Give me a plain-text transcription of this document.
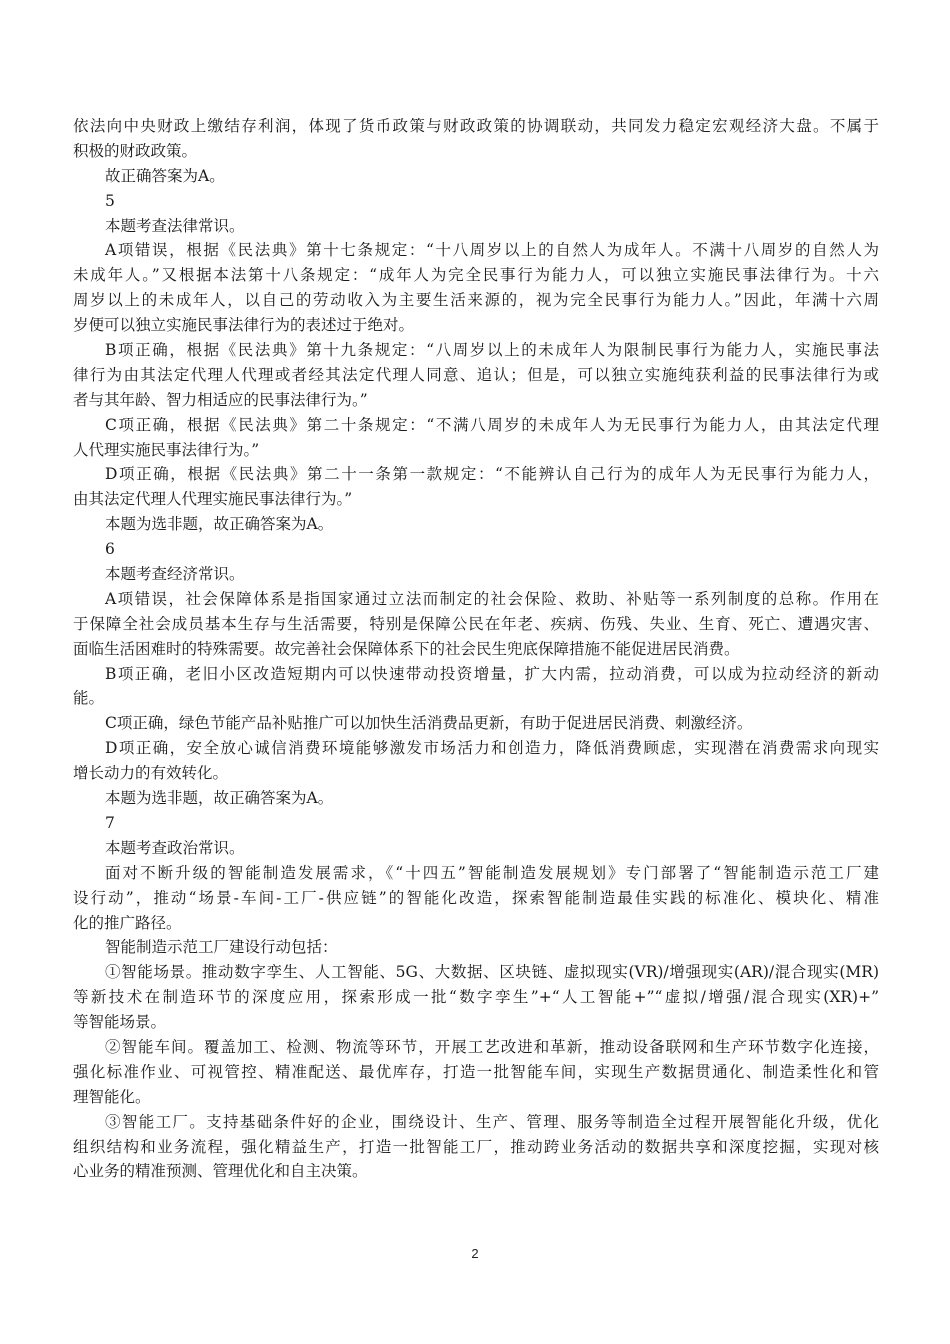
依法向中央财政上缴结存利润，体现了货币政策与财政政策的协调联动，共同发力稳定宏观经济大盘。不属于
积极的财政政策。
故正确答案为A。
5
本题考查法律常识。
A项错误，根据《民法典》第十七条规定：“十八周岁以上的自然人为成年人。不满十八周岁的自然人为
未成年人。”又根据本法第十八条规定：“成年人为完全民事行为能力人，可以独立实施民事法律行为。十六
周岁以上的未成年人，以自己的劳动收入为主要生活来源的，视为完全民事行为能力人。”因此，年满十六周
岁便可以独立实施民事法律行为的表述过于绝对。
B项正确，根据《民法典》第十九条规定：“八周岁以上的未成年人为限制民事行为能力人，实施民事法
律行为由其法定代理人代理或者经其法定代理人同意、追认；但是，可以独立实施纯获利益的民事法律行为或
者与其年龄、智力相适应的民事法律行为。”
C项正确，根据《民法典》第二十条规定：“不满八周岁的未成年人为无民事行为能力人，由其法定代理
人代理实施民事法律行为。”
D项正确，根据《民法典》第二十一条第一款规定：“不能辨认自己行为的成年人为无民事行为能力人，
由其法定代理人代理实施民事法律行为。”
本题为选非题，故正确答案为A。
6
本题考查经济常识。
A项错误，社会保障体系是指国家通过立法而制定的社会保险、救助、补贴等一系列制度的总称。作用在
于保障全社会成员基本生存与生活需要，特别是保障公民在年老、疾病、伤残、失业、生育、死亡、遭遇灾害、
面临生活困难时的特殊需要。故完善社会保障体系下的社会民生兜底保障措施不能促进居民消费。
B项正确，老旧小区改造短期内可以快速带动投资增量，扩大内需，拉动消费，可以成为拉动经济的新动
能。
C项正确，绿色节能产品补贴推广可以加快生活消费品更新，有助于促进居民消费、刺激经济。
D项正确，安全放心诚信消费环境能够激发市场活力和创造力，降低消费顾虑，实现潜在消费需求向现实
增长动力的有效转化。
本题为选非题，故正确答案为A。
7
本题考查政治常识。
面对不断升级的智能制造发展需求，《“十四五”智能制造发展规划》专门部署了“智能制造示范工厂建
设行动”，推动“场景-车间-工厂-供应链”的智能化改造，探索智能制造最佳实践的标准化、模块化、精准
化的推广路径。
智能制造示范工厂建设行动包括：
①智能场景。推动数字孪生、人工智能、5G、大数据、区块链、虚拟现实(VR)/增强现实(AR)/混合现实(MR)
等新技术在制造环节的深度应用，探索形成一批“数字孪生”+“人工智能+”“虚拟/增强/混合现实(XR)+”
等智能场景。
②智能车间。覆盖加工、检测、物流等环节，开展工艺改进和革新，推动设备联网和生产环节数字化连接，
强化标准作业、可视管控、精准配送、最优库存，打造一批智能车间，实现生产数据贯通化、制造柔性化和管
理智能化。
③智能工厂。支持基础条件好的企业，围绕设计、生产、管理、服务等制造全过程开展智能化升级，优化
组织结构和业务流程，强化精益生产，打造一批智能工厂，推动跨业务活动的数据共享和深度挖掘，实现对核
心业务的精准预测、管理优化和自主决策。
2
